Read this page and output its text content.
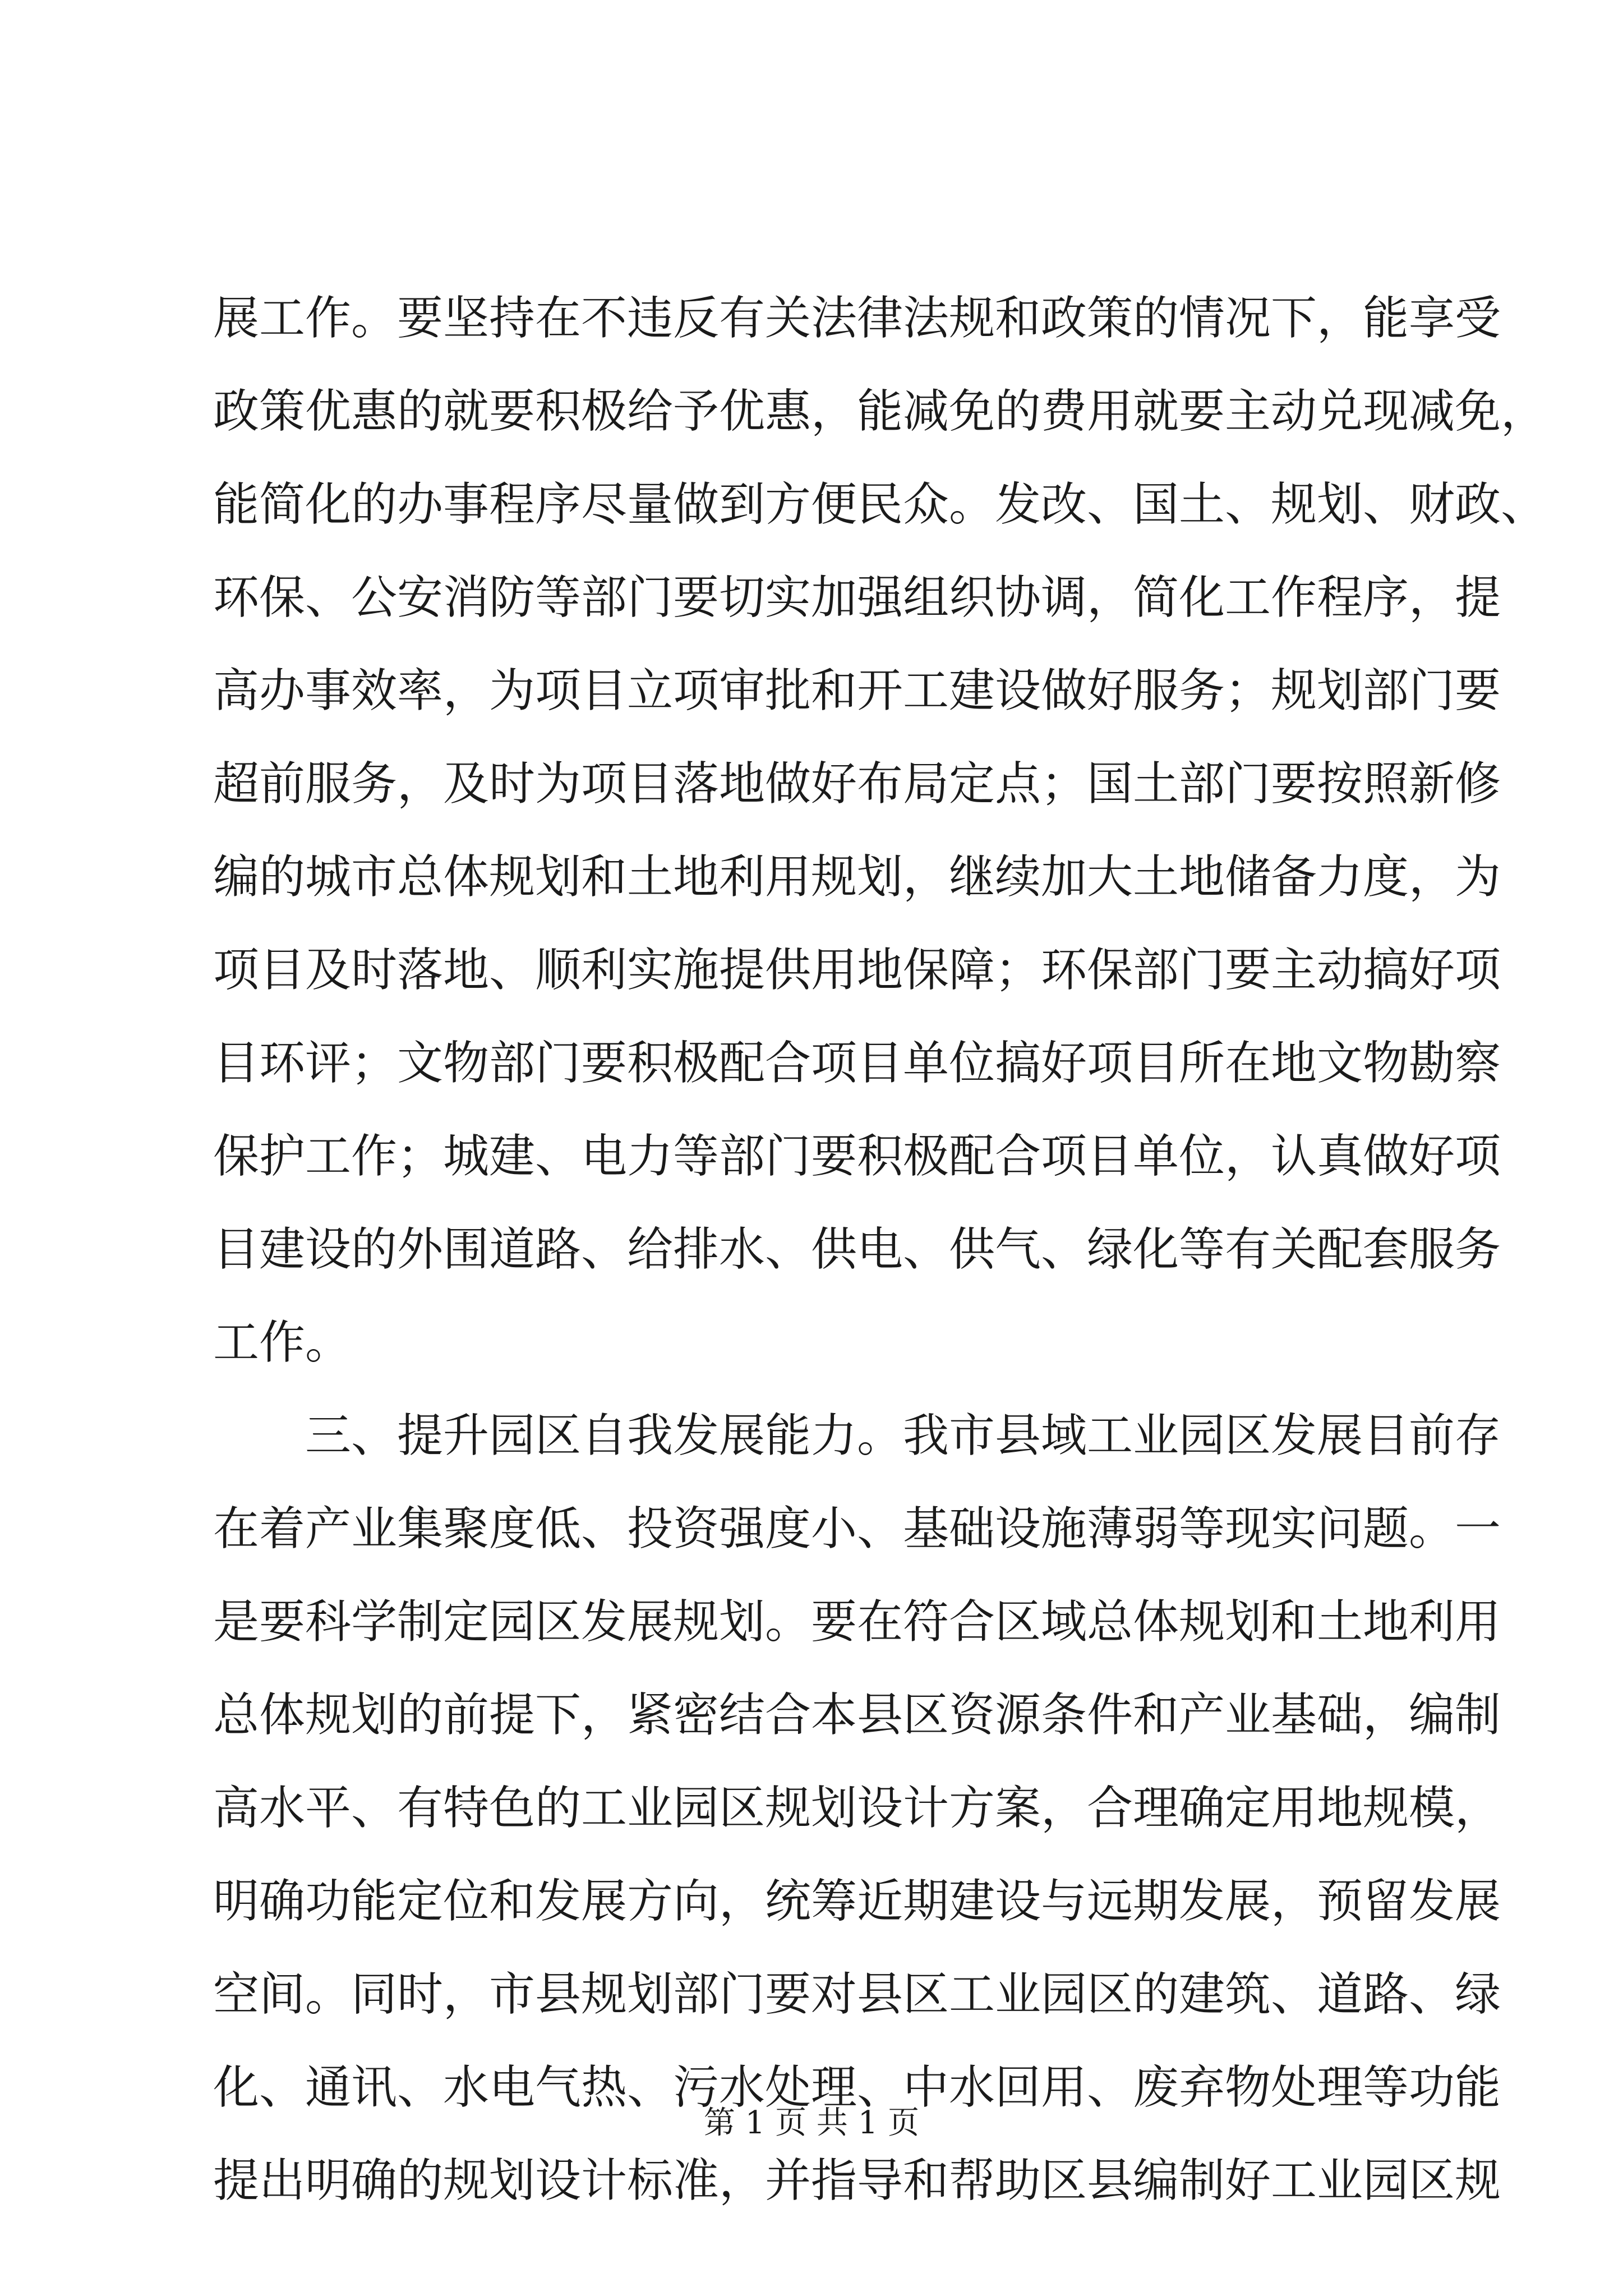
展工作。要坚持在不违反有关法律法规和政策的情况下，能享受
政策优惠的就要积极给予优惠，能减免的费用就要主动兑现减免，
能简化的办事程序尽量做到方便民众。发改、国土、规划、财政、
环保、公安消防等部门要切实加强组织协调，简化工作程序，提
高办事效率，为项目立项审批和开工建设做好服务；规划部门要
超前服务，及时为项目落地做好布局定点；国土部门要按照新修
编的城市总体规划和土地利用规划，继续加大土地储备力度，为
项目及时落地、顺利实施提供用地保障；环保部门要主动搞好项
目环评；文物部门要积极配合项目单位搞好项目所在地文物勘察
保护工作；城建、电力等部门要积极配合项目单位，认真做好项
目建设的外围道路、给排水、供电、供气、绿化等有关配套服务
工作。
三、提升园区自我发展能力。我市县域工业园区发展目前存
在着产业集聚度低、投资强度小、基础设施薄弱等现实问题。一
是要科学制定园区发展规划。要在符合区域总体规划和土地利用
总体规划的前提下，紧密结合本县区资源条件和产业基础，编制
高水平、有特色的工业园区规划设计方案，合理确定用地规模，
明确功能定位和发展方向，统筹近期建设与远期发展，预留发展
空间。同时，市县规划部门要对县区工业园区的建筑、道路、绿
化、通讯、水电气热、污水处理、中水回用、废弃物处理等功能
提出明确的规划设计标准，并指导和帮助区县编制好工业园区规
第 1 页 共 1 页
